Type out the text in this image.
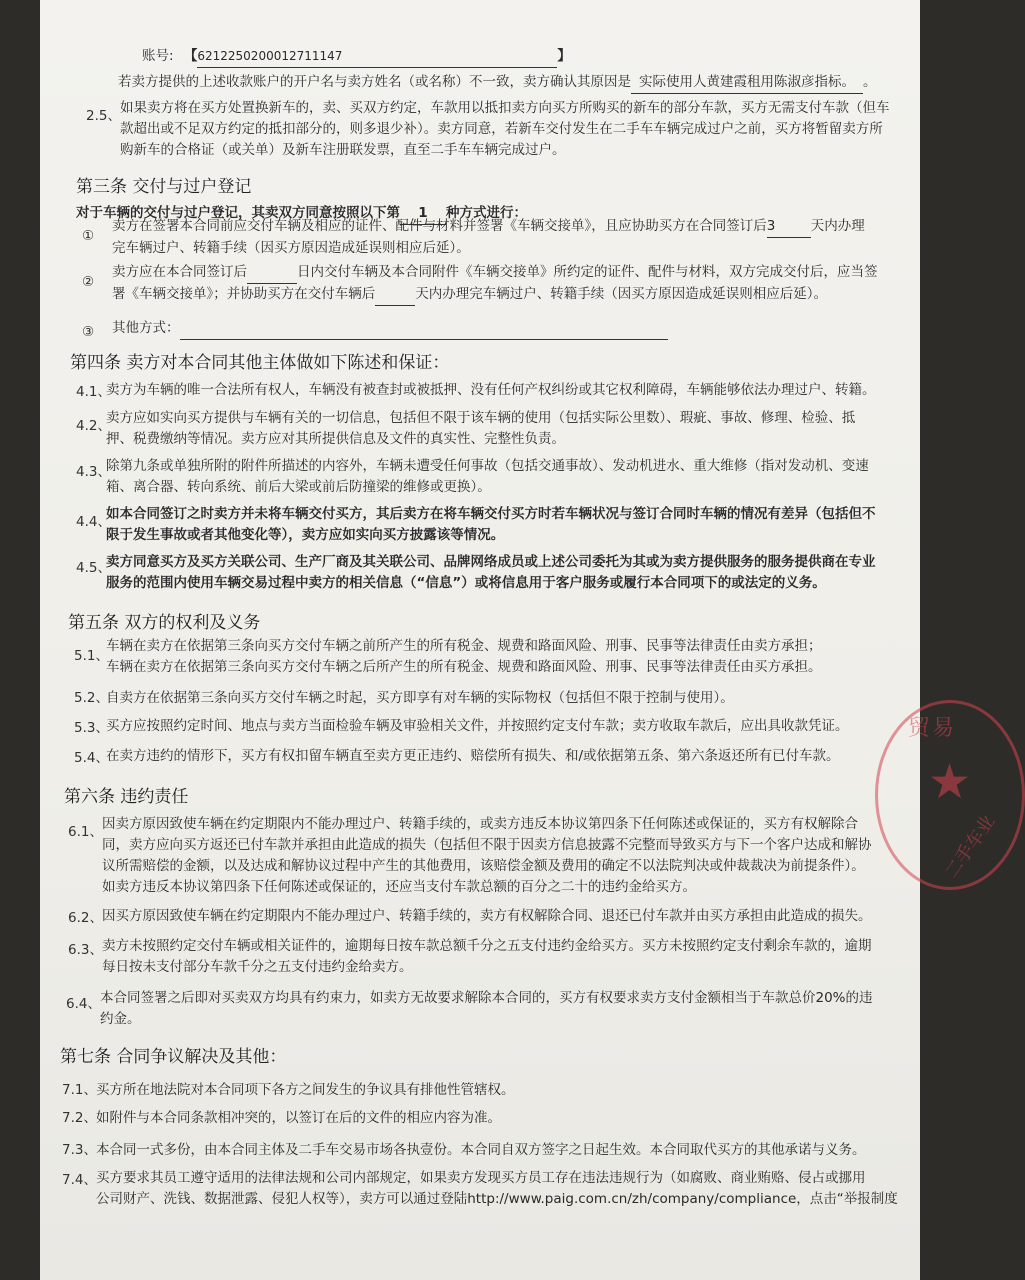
账号: 【6212250200012711147	】
若卖方提供的上述收款账户的开户名与卖方姓名（或名称）不一致，卖方确认其原因是 实际使用人黄建霞租用陈淑彦指标。 。
2.5、 如果卖方将在买方处置换新车的，卖、买双方约定，车款用以抵扣卖方向买方所购买的新车的部分车款，买方无需支付车款（但车
款超出或不足双方约定的抵扣部分的，则多退少补）。卖方同意，若新车交付发生在二手车车辆完成过户之前，买方将暂留卖方所
购新车的合格证（或关单）及新车注册联发票，直至二手车车辆完成过户。
第三条 交付与过户登记
对于车辆的交付与过户登记，其卖双方同意按照以下第 1 种方式进行：
①
卖方在签署本合同前应交付车辆及相应的证件、配件与材料并签署《车辆交接单》，且应协助买方在合同签订后3	天内办理
完车辆过户、转籍手续（因买方原因造成延误则相应后延）。
②
卖方应在本合同签订后	日内交付车辆及本合同附件《车辆交接单》所约定的证件、配件与材料，双方完成交付后，应当签
署《车辆交接单》；并协助买方在交付车辆后	天内办理完车辆过户、转籍手续（因买方原因造成延误则相应后延）。
③ 其他方式：
第四条 卖方对本合同其他主体做如下陈述和保证：
4.1、
卖方为车辆的唯一合法所有权人，车辆没有被查封或被抵押、没有任何产权纠纷或其它权利障碍，车辆能够依法办理过户、转籍。
4.2、
卖方应如实向买方提供与车辆有关的一切信息，包括但不限于该车辆的使用（包括实际公里数）、瑕疵、事故、修理、检验、抵
押、税费缴纳等情况。卖方应对其所提供信息及文件的真实性、完整性负责。
4.3、
除第九条或单独所附的附件所描述的内容外，车辆未遭受任何事故（包括交通事故）、发动机进水、重大维修（指对发动机、变速
箱、离合器、转向系统、前后大梁或前后防撞梁的维修或更换）。
4.4、
如本合同签订之时卖方并未将车辆交付买方，其后卖方在将车辆交付买方时若车辆状况与签订合同时车辆的情况有差异（包括但不
限于发生事故或者其他变化等），卖方应如实向买方披露该等情况。
4.5、
卖方同意买方及买方关联公司、生产厂商及其关联公司、品牌网络成员或上述公司委托为其或为卖方提供服务的服务提供商在专业
服务的范围内使用车辆交易过程中卖方的相关信息（“信息”）或将信息用于客户服务或履行本合同项下的或法定的义务。
第五条 双方的权利及义务
5.1、
车辆在卖方在依据第三条向买方交付车辆之前所产生的所有税金、规费和路面风险、刑事、民事等法律责任由卖方承担；
车辆在卖方在依据第三条向买方交付车辆之后所产生的所有税金、规费和路面风险、刑事、民事等法律责任由买方承担。
5.2、
自卖方在依据第三条向买方交付车辆之时起，买方即享有对车辆的实际物权（包括但不限于控制与使用）。
5.3、
买方应按照约定时间、地点与卖方当面检验车辆及审验相关文件，并按照约定支付车款；卖方收取车款后，应出具收款凭证。
5.4、
在卖方违约的情形下，买方有权扣留车辆直至卖方更正违约、赔偿所有损失、和/或依据第五条、第六条返还所有已付车款。
第六条 违约责任
6.1、 因卖方原因致使车辆在约定期限内不能办理过户、转籍手续的，或卖方违反本协议第四条下任何陈述或保证的，买方有权解除合
同，卖方应向买方返还已付车款并承担由此造成的损失（包括但不限于因卖方信息披露不完整而导致买方与下一个客户达成和解协
议所需赔偿的金额，以及达成和解协议过程中产生的其他费用，该赔偿金额及费用的确定不以法院判决或仲裁裁决为前提条件）。
如卖方违反本协议第四条下任何陈述或保证的，还应当支付车款总额的百分之二十的违约金给买方。
6.2、 因买方原因致使车辆在约定期限内不能办理过户、转籍手续的，卖方有权解除合同、退还已付车款并由买方承担由此造成的损失。
6.3、 卖方未按照约定交付车辆或相关证件的，逾期每日按车款总额千分之五支付违约金给买方。买方未按照约定支付剩余车款的，逾期
每日按未支付部分车款千分之五支付违约金给卖方。
6.4、 本合同签署之后即对买卖双方均具有约束力，如卖方无故要求解除本合同的，买方有权要求卖方支付金额相当于车款总价20%的违
约金。
第七条 合同争议解决及其他：
7.1、 买方所在地法院对本合同项下各方之间发生的争议具有排他性管辖权。
7.2、 如附件与本合同条款相冲突的，以签订在后的文件的相应内容为准。
7.3、 本合同一式多份，由本合同主体及二手车交易市场各执壹份。本合同自双方签字之日起生效。本合同取代买方的其他承诺与义务。
7.4、 买方要求其员工遵守适用的法律法规和公司内部规定，如果卖方发现买方员工存在违法违规行为（如腐败、商业贿赂、侵占或挪用
公司财产、洗钱、数据泄露、侵犯人权等），卖方可以通过登陆http://www.paig.com.cn/zh/company/compliance，点击“举报制度
贸易
★
二手车业
